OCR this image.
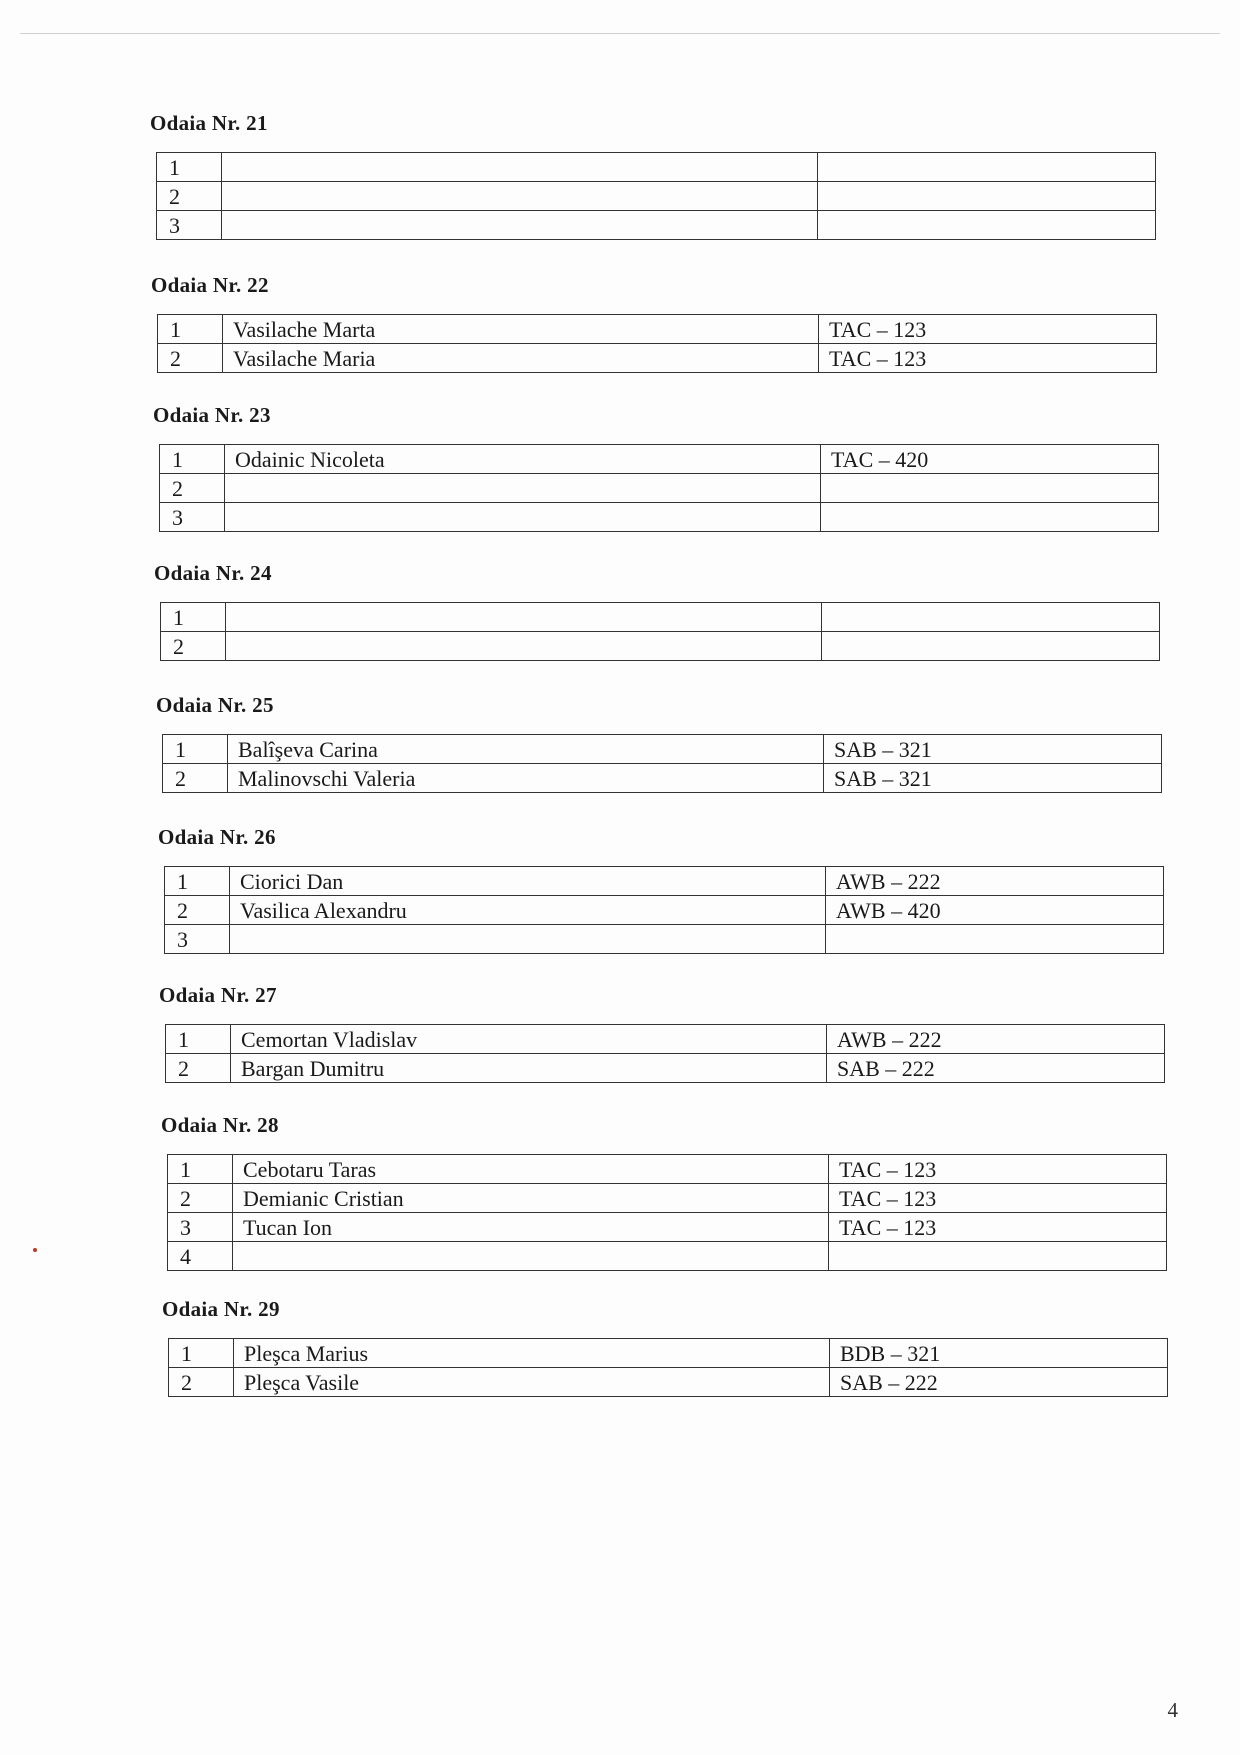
Odaia Nr. 21
1		
2		
3		
Odaia Nr. 22
1	Vasilache Marta	TAC – 123
2	Vasilache Maria	TAC – 123
Odaia Nr. 23
1	Odainic Nicoleta	TAC – 420
2		
3		
Odaia Nr. 24
1		
2		
Odaia Nr. 25
1	Balîşeva Carina	SAB – 321
2	Malinovschi Valeria	SAB – 321
Odaia Nr. 26
1	Ciorici Dan	AWB – 222
2	Vasilica Alexandru	AWB – 420
3		
Odaia Nr. 27
1	Cemortan Vladislav	AWB – 222
2	Bargan Dumitru	SAB – 222
Odaia Nr. 28
1	Cebotaru Taras	TAC – 123
2	Demianic Cristian	TAC – 123
3	Tucan Ion	TAC – 123
4		
Odaia Nr. 29
1	Pleşca Marius	BDB – 321
2	Pleşca Vasile	SAB – 222
4
